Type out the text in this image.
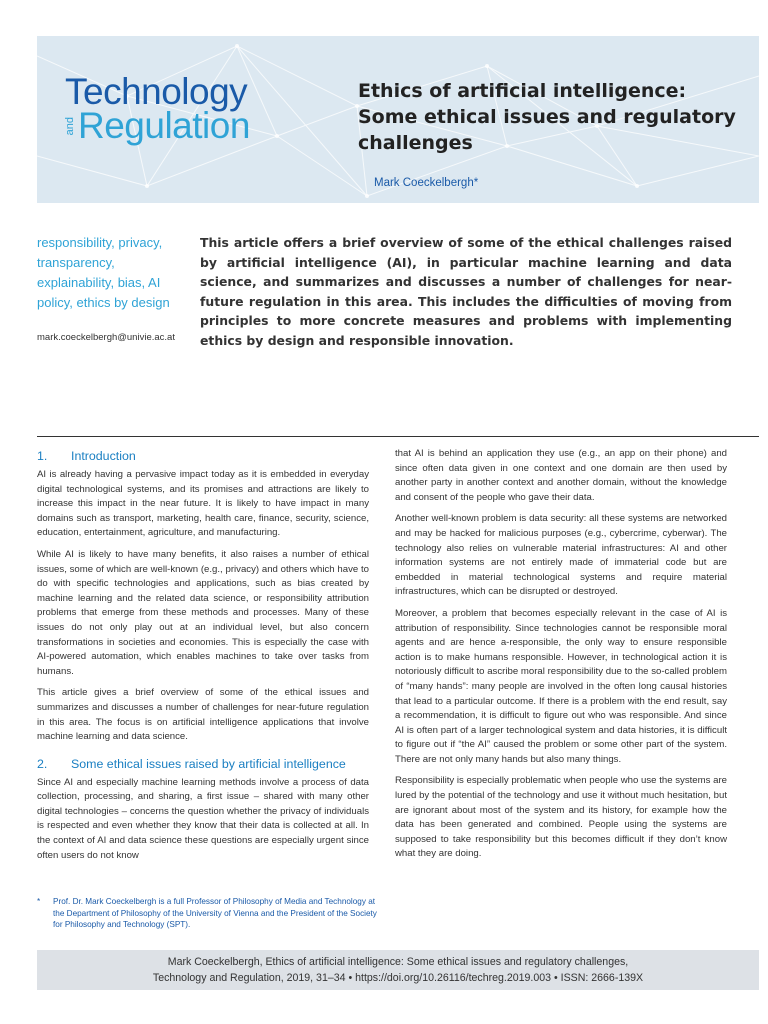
Technology
and Regulation
Ethics of artificial intelligence: Some ethical issues and regulatory challenges
Mark Coeckelbergh*
responsibility, privacy, transparency, explainability, bias, AI policy, ethics by design
mark.coeckelbergh@univie.ac.at
This article offers a brief overview of some of the ethical challenges raised by artificial intelligence (AI), in particular machine learning and data science, and summarizes and discusses a number of challenges for near-future regulation in this area. This includes the difficulties of moving from principles to more concrete measures and problems with implementing ethics by design and responsible innovation.
1.	Introduction

AI is already having a pervasive impact today as it is embedded in everyday digital technological systems, and its promises and attractions are likely to increase this impact in the near future. It is likely to have impact in many domains such as transport, marketing, health care, finance, security, science, education, entertainment, agriculture, and manufacturing.

While AI is likely to have many benefits, it also raises a number of ethical issues, some of which are well-known (e.g., privacy) and others which have to do with specific technologies and applications, such as bias created by machine learning and the related data science, or responsibility attribution problems that emerge from these methods and processes. Many of these issues do not only play out at an individual level, but also concern transformations in societies and economies. This is especially the case with AI-powered automation, which enables machines to take over tasks from humans.

This article gives a brief overview of some of the ethical issues and summarizes and discusses a number of challenges for near-future regulation in this area. The focus is on artificial intelligence applications that involve machine learning and data science.

2.	Some ethical issues raised by artificial intelligence

Since AI and especially machine learning methods involve a process of data collection, processing, and sharing, a first issue – shared with many other digital technologies – concerns the question whether the privacy of individuals is respected and even whether they know that their data is collected at all. In the context of AI and data science these questions are especially urgent since often users do not know

that AI is behind an application they use (e.g., an app on their phone) and since often data given in one context and one domain are then used by another party in another context and another domain, without the knowledge and consent of the people who gave their data.

Another well-known problem is data security: all these systems are networked and may be hacked for malicious purposes (e.g., cybercrime, cyberwar). The technology also relies on vulnerable material infrastructures: AI and other information systems are not entirely made of immaterial code but are embedded in material technological systems and require material infrastructures, which can be disrupted or destroyed.

Moreover, a problem that becomes especially relevant in the case of AI is attribution of responsibility. Since technologies cannot be responsible moral agents and are hence a-responsible, the only way to ensure responsible action is to make humans responsible. However, in technological action it is notoriously difficult to ascribe moral responsibility due to the so-called problem of “many hands”: many people are involved in the often long causal histories that lead to a particular outcome. If there is a problem with the end result, say a recommendation, it is difficult to figure out who was responsible. And since AI is often part of a larger technological system and data histories, it is difficult to figure out if “the AI” caused the problem or some other part of the system. There are not only many hands but also many things.

Responsibility is especially problematic when people who use the systems are lured by the potential of the technology and use it without much hesitation, but are ignorant about most of the system and its history, for example how the data has been generated and combined. People using the systems are supposed to take responsibility but this becomes difficult if they don’t know what they are doing.

*	Prof. Dr. Mark Coeckelbergh is a full Professor of Philosophy of Media and Technology at the Department of Philosophy of the University of Vienna and the President of the Society for Philosophy and Technology (SPT).
Mark Coeckelbergh, Ethics of artificial intelligence: Some ethical issues and regulatory challenges,
Technology and Regulation, 2019, 31–34 • https://doi.org/10.26116/techreg.2019.003 • ISSN: 2666-139X
